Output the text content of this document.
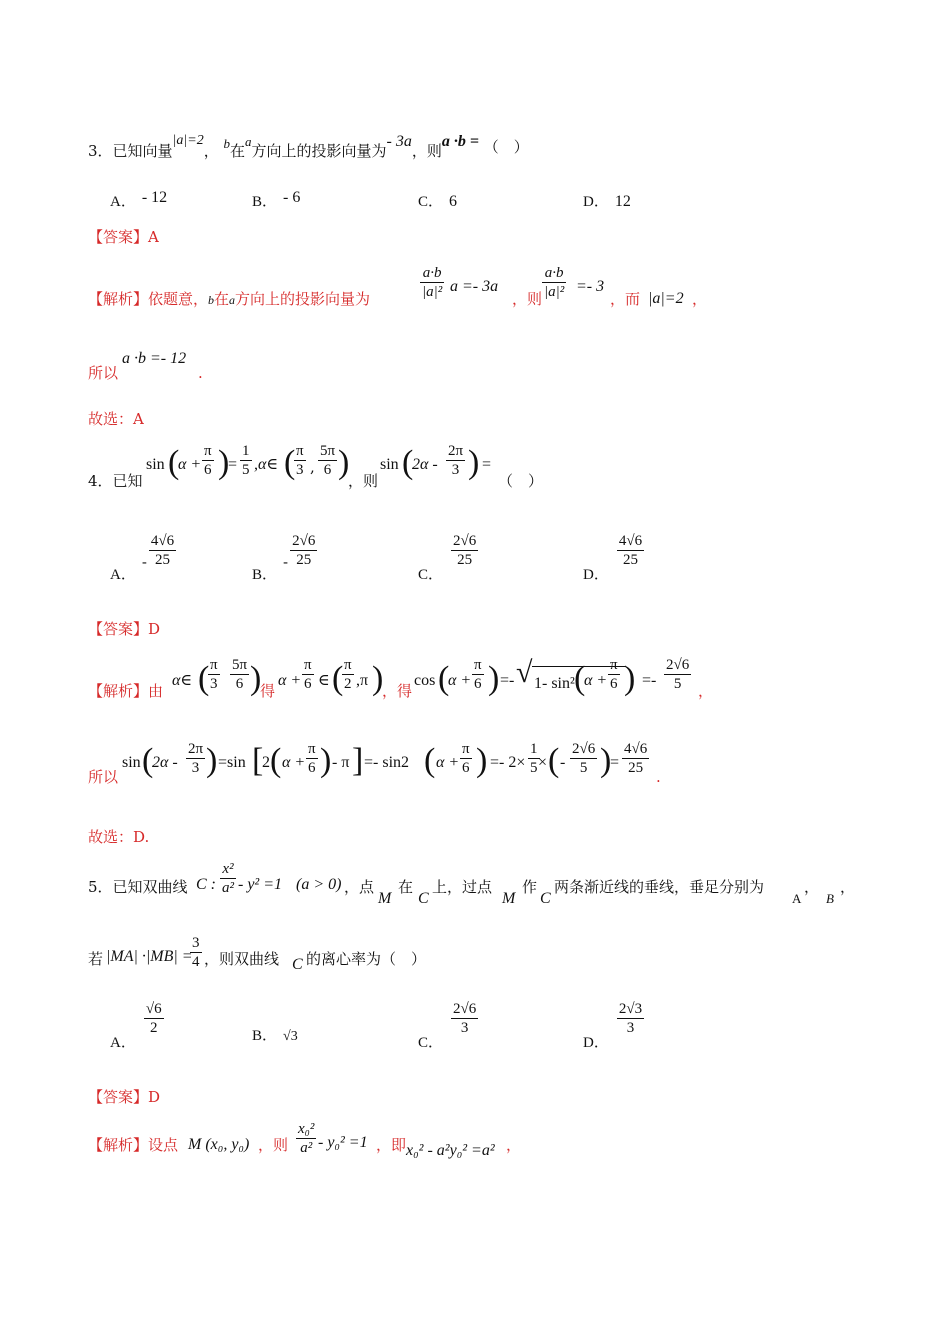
3．已知向量|a|=2， b在a方向上的投影向量为- 3a，则a ·b = （　）
A． - 12	B． - 6	C． 6	D． 12
【答案】A
【解析】依题意，b在a方向上的投影向量为	$\frac{a\cdot b}{\text{|a|²}}$ a =- 3a
，则 $\frac{a\cdot b}{\text{|a|²}} =- 3$
，而 |a|=2 ，
所以
a ·b =- 12
.
故选：A
4．已知
sin (
$\alpha + \frac{\pi}{6}$ )
= $\frac{1}{5}$ ,α∈ (
$\frac{\pi}{3}$ , $\frac{5\pi}{6}$ )
，则
sin (
$2\alpha - \frac{2\pi}{3}$ ) =
（　）
A．- $\frac{4√6}{25}$
B．- $\frac{2√6}{25}$
C．
$\frac{2√6}{25}$
D．
$\frac{4√6}{25}$
【答案】D
【解析】由
α∈ (
$\frac{\pi}{3} \frac{5\pi}{6}$ )
得
$\alpha + \frac{\pi}{6}$ ∈ (
$\frac{\pi}{2} ,\pi$ )
，得
cos (
$\alpha + \frac{\pi}{6}$ ) =- √ 1- sin² (
$\alpha + \frac{\pi}{6}$ ) =- $\frac{2√6}{5}$ ，
所以
sin (
$2\alpha - \frac{2\pi}{3}$ ) =sin [
2 ( $\alpha + \frac{\pi}{6}$ ) - π ] =- sin2 ( $\alpha + \frac{\pi}{6}$ ) =- $2\times \frac{1}{5}$
× ( - $\frac{2√6}{5}$ )
= $\frac{4√6}{25}$ .
故选：D.
5．已知双曲线 C : $\frac{\text{x²}}{\text{a²}} - y^2 =1$ (a > 0) ，点
M
在
C
上，过点
M
作
C
两条渐近线的垂线，垂足分别为
A
，
B
，
若 |MA| ·|MB| =
$\frac{3}{4}$ ，则双曲线 C 的离心率为（　）
A．
$\frac{√6}{2}$	B． √3	C．
$\frac{2√6}{3}$
D．
$\frac{2√3}{3}$
【答案】D
【解析】设点 M (x₀, y₀) ，则 $\frac{\text{x₀²}}{\text{a²}} - y_0^2 =1$ ，即 x₀² - a²y₀² =a² ，
